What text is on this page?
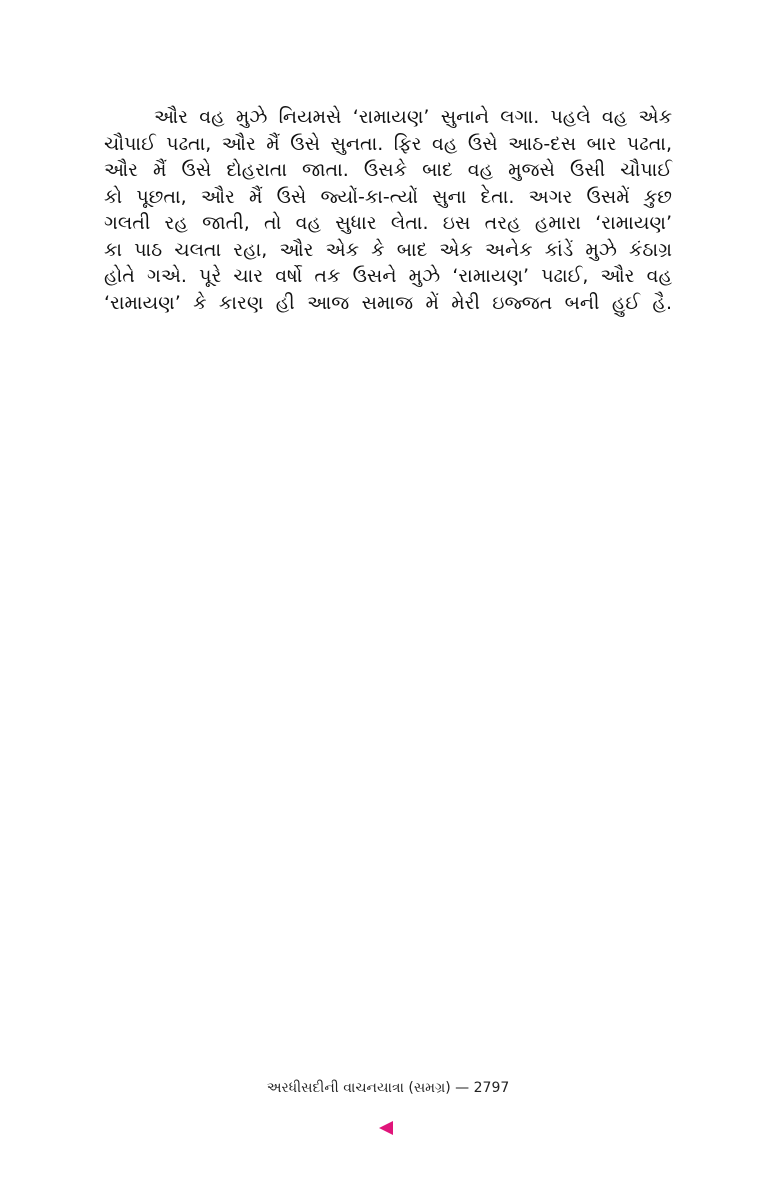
ઔર વહ મુઝે નિયમસે ‘રામાયણ’ સુનાને લગા. પહલે વહ એક
ચૌપાઈ પઢતા, ઔર મૈં ઉસે સુનતા. ફિર વહ ઉસે આઠ-દસ બાર પઢતા,
ઔર મૈં ઉસે દોહરાતા જાતા. ઉસકે બાદ વહ મુજસે ઉસી ચૌપાઈ
કો પૂછતા, ઔર મૈં ઉસે જ્યોં-કા-ત્યોં સુના દેતા. અગર ઉસમેં કુછ
ગલતી રહ જાતી, તો વહ સુધાર લેતા. ઇસ તરહ હમારા ‘રામાયણ’
કા પાઠ ચલતા રહા, ઔર એક કે બાદ એક અનેક કાંડેં મુઝે કંઠાગ્ર
હોતે ગએ. પૂરે ચાર વર્ષો તક ઉસને મુઝે ‘રામાયણ’ પઢાઈ, ઔર વહ
‘રામાયણ’ કે કારણ હી આજ સમાજ મેં મેરી ઇજ્જત બની હુઈ હૈ.
અરધીસદીની વાચનયાત્રા (સમગ્ર) — 2797
